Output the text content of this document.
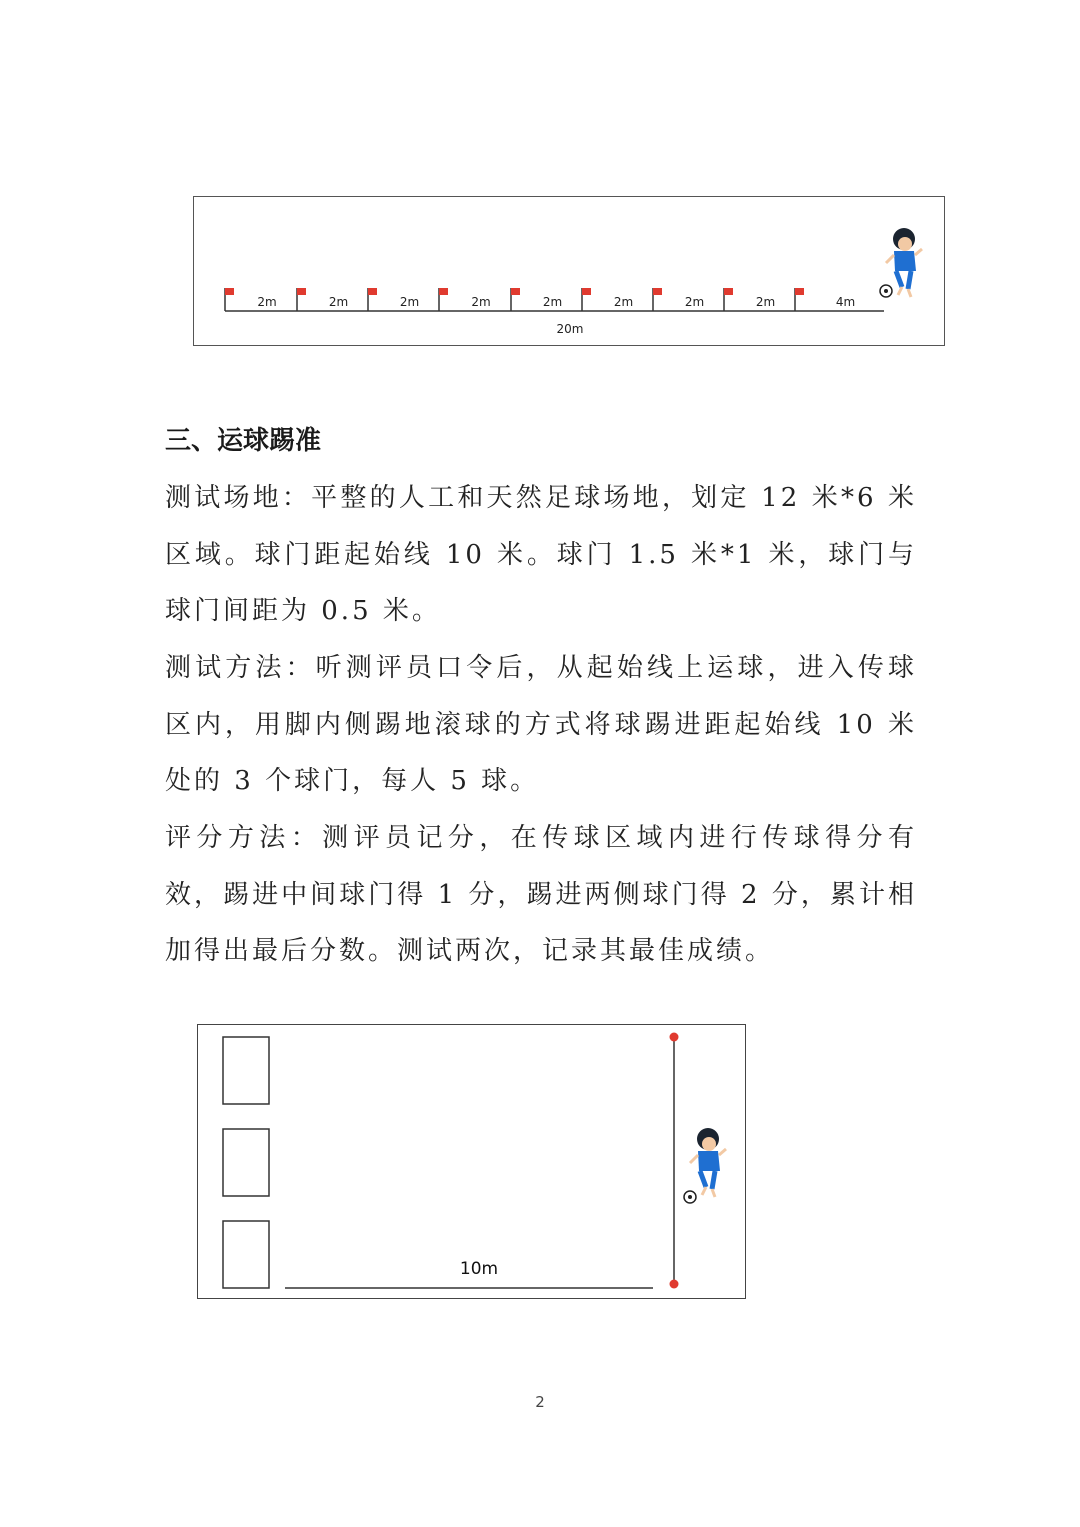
2m	2m	2m	2m	2m	2m	2m	2m	4m
20m
三、运球踢准

测试场地：平整的人工和天然足球场地，划定 12 米*6 米区域。球门距起始线 10 米。球门 1.5 米*1 米，球门与球门间距为 0.5 米。

测试方法：听测评员口令后，从起始线上运球，进入传球区内，用脚内侧踢地滚球的方式将球踢进距起始线 10 米处的 3 个球门，每人 5 球。

评分方法：测评员记分，在传球区域内进行传球得分有效，踢进中间球门得 1 分，踢进两侧球门得 2 分，累计相加得出最后分数。测试两次，记录其最佳成绩。

10m
2
